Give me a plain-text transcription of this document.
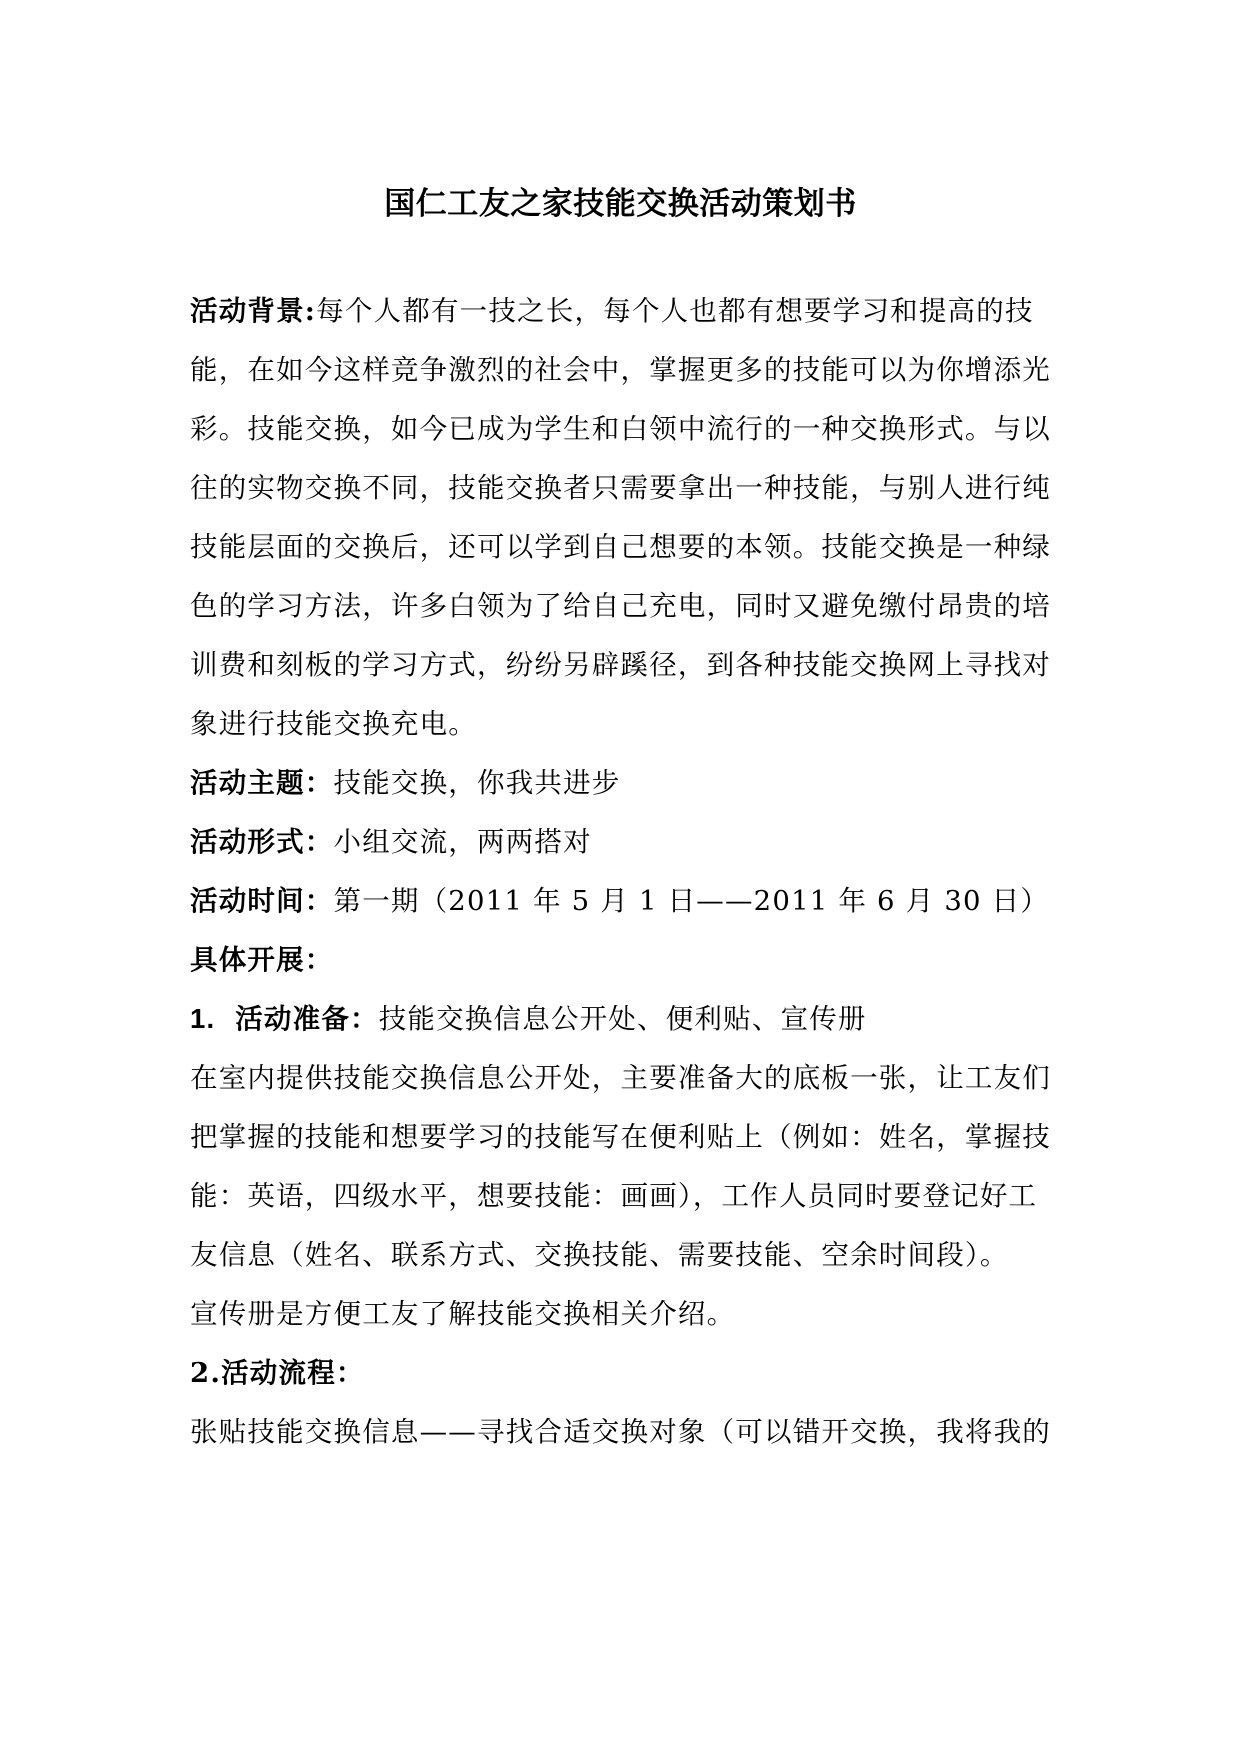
国仁工友之家技能交换活动策划书
活动背景:每个人都有一技之长，每个人也都有想要学习和提高的技
能，在如今这样竞争激烈的社会中，掌握更多的技能可以为你增添光
彩。技能交换，如今已成为学生和白领中流行的一种交换形式。与以
往的实物交换不同，技能交换者只需要拿出一种技能，与别人进行纯
技能层面的交换后，还可以学到自己想要的本领。技能交换是一种绿
色的学习方法，许多白领为了给自己充电，同时又避免缴付昂贵的培
训费和刻板的学习方式，纷纷另辟蹊径，到各种技能交换网上寻找对
象进行技能交换充电。
活动主题：技能交换，你我共进步
活动形式：小组交流，两两搭对
活动时间：第一期（2011 年 5 月 1 日——2011 年 6 月 30 日）
具体开展：
1. 活动准备：技能交换信息公开处、便利贴、宣传册
在室内提供技能交换信息公开处，主要准备大的底板一张，让工友们
把掌握的技能和想要学习的技能写在便利贴上（例如：姓名，掌握技
能：英语，四级水平，想要技能：画画），工作人员同时要登记好工
友信息（姓名、联系方式、交换技能、需要技能、空余时间段）。
宣传册是方便工友了解技能交换相关介绍。
2.活动流程：
张贴技能交换信息——寻找合适交换对象（可以错开交换，我将我的
